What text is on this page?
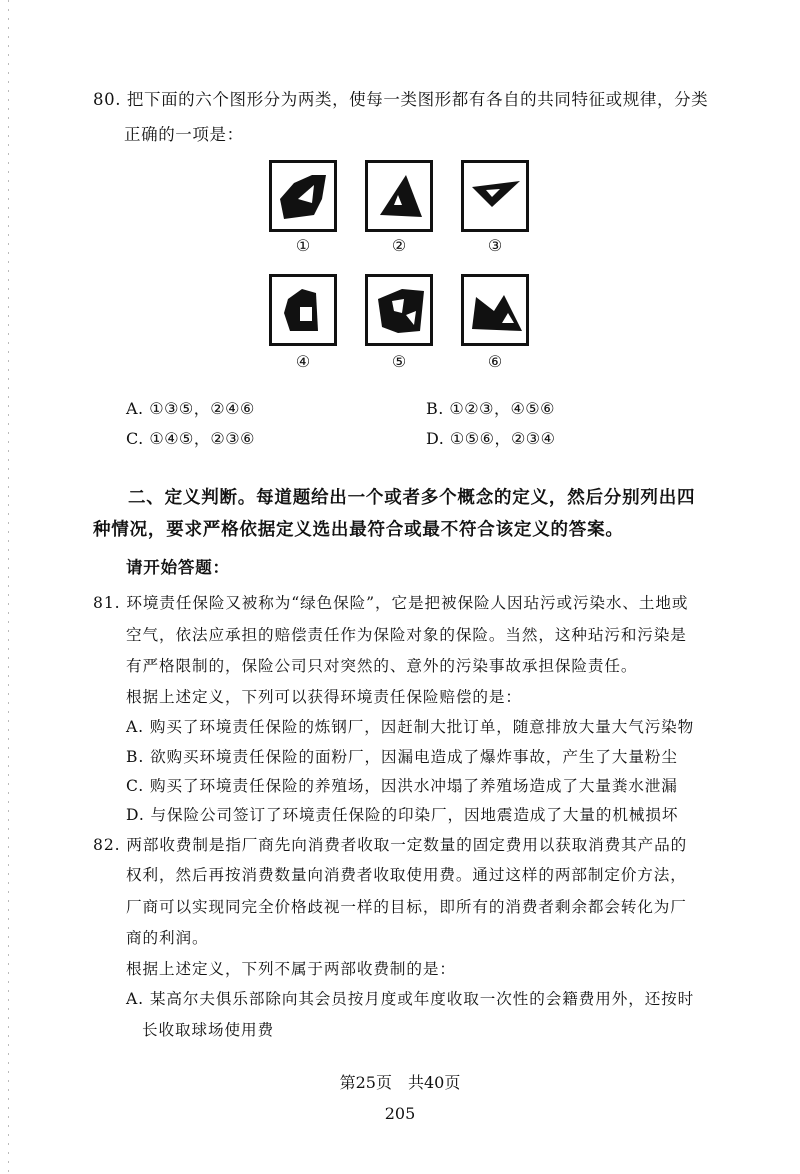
80. 把下面的六个图形分为两类，使每一类图形都有各自的共同特征或规律，分类
正确的一项是：
①	②	③
④	⑤	⑥
A. ①③⑤，②④⑥	B. ①②③，④⑤⑥
C. ①④⑤，②③⑥	D. ①⑤⑥，②③④
二、定义判断。每道题给出一个或者多个概念的定义，然后分别列出四
种情况，要求严格依据定义选出最符合或最不符合该定义的答案。
请开始答题：
81. 环境责任保险又被称为“绿色保险”，它是把被保险人因玷污或污染水、土地或
空气，依法应承担的赔偿责任作为保险对象的保险。当然，这种玷污和污染是
有严格限制的，保险公司只对突然的、意外的污染事故承担保险责任。
根据上述定义，下列可以获得环境责任保险赔偿的是：
A. 购买了环境责任保险的炼钢厂，因赶制大批订单，随意排放大量大气污染物
B. 欲购买环境责任保险的面粉厂，因漏电造成了爆炸事故，产生了大量粉尘
C. 购买了环境责任保险的养殖场，因洪水冲塌了养殖场造成了大量粪水泄漏
D. 与保险公司签订了环境责任保险的印染厂，因地震造成了大量的机械损坏
82. 两部收费制是指厂商先向消费者收取一定数量的固定费用以获取消费其产品的
权利，然后再按消费数量向消费者收取使用费。通过这样的两部制定价方法，
厂商可以实现同完全价格歧视一样的目标，即所有的消费者剩余都会转化为厂
商的利润。
根据上述定义，下列不属于两部收费制的是：
A. 某高尔夫俱乐部除向其会员按月度或年度收取一次性的会籍费用外，还按时
长收取球场使用费
第25页　共40页
205
